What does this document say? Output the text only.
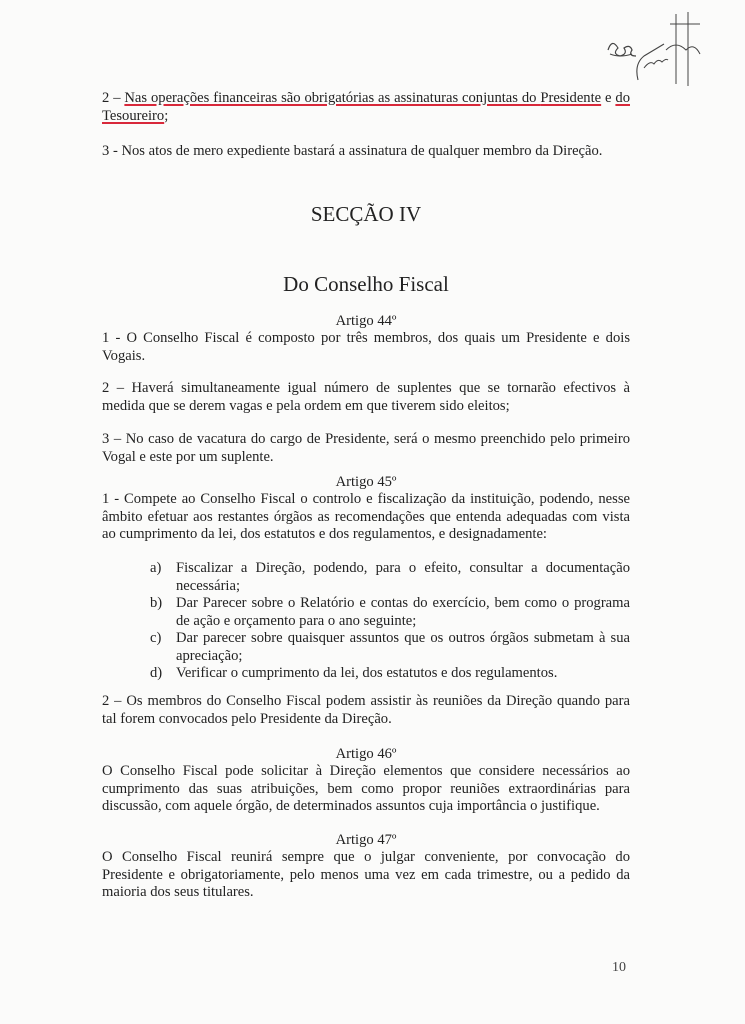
2 – Nas operações financeiras são obrigatórias as assinaturas conjuntas do Presidente e do Tesoureiro;
3 - Nos atos de mero expediente bastará a assinatura de qualquer membro da Direção.
SECÇÃO IV
Do Conselho Fiscal
Artigo 44º
1 - O Conselho Fiscal é composto por três membros, dos quais um Presidente e dois Vogais.
2 – Haverá simultaneamente igual número de suplentes que se tornarão efectivos à medida que se derem vagas e pela ordem em que tiverem sido eleitos;
3 – No caso de vacatura do cargo de Presidente, será o mesmo preenchido pelo primeiro Vogal e este por um suplente.
Artigo 45º
1 - Compete ao Conselho Fiscal o controlo e fiscalização da instituição, podendo, nesse âmbito efetuar aos restantes órgãos as recomendações que entenda adequadas com vista ao cumprimento da lei, dos estatutos e dos regulamentos, e designadamente:
a)	Fiscalizar a Direção, podendo, para o efeito, consultar a documentação necessária;
b) Dar Parecer sobre o Relatório e contas do exercício, bem como o programa de ação e orçamento para o ano seguinte;
c)	Dar parecer sobre quaisquer assuntos que os outros órgãos submetam à sua apreciação;
d) Verificar o cumprimento da lei, dos estatutos e dos regulamentos.
2 – Os membros do Conselho Fiscal podem assistir às reuniões da Direção quando para tal forem convocados pelo Presidente da Direção.
Artigo 46º
O Conselho Fiscal pode solicitar à Direção elementos que considere necessários ao cumprimento das suas atribuições, bem como propor reuniões extraordinárias para discussão, com aquele órgão, de determinados assuntos cuja importância o justifique.
Artigo 47º
O Conselho Fiscal reunirá sempre que o julgar conveniente, por convocação do Presidente e obrigatoriamente, pelo menos uma vez em cada trimestre, ou a pedido da maioria dos seus titulares.
10
